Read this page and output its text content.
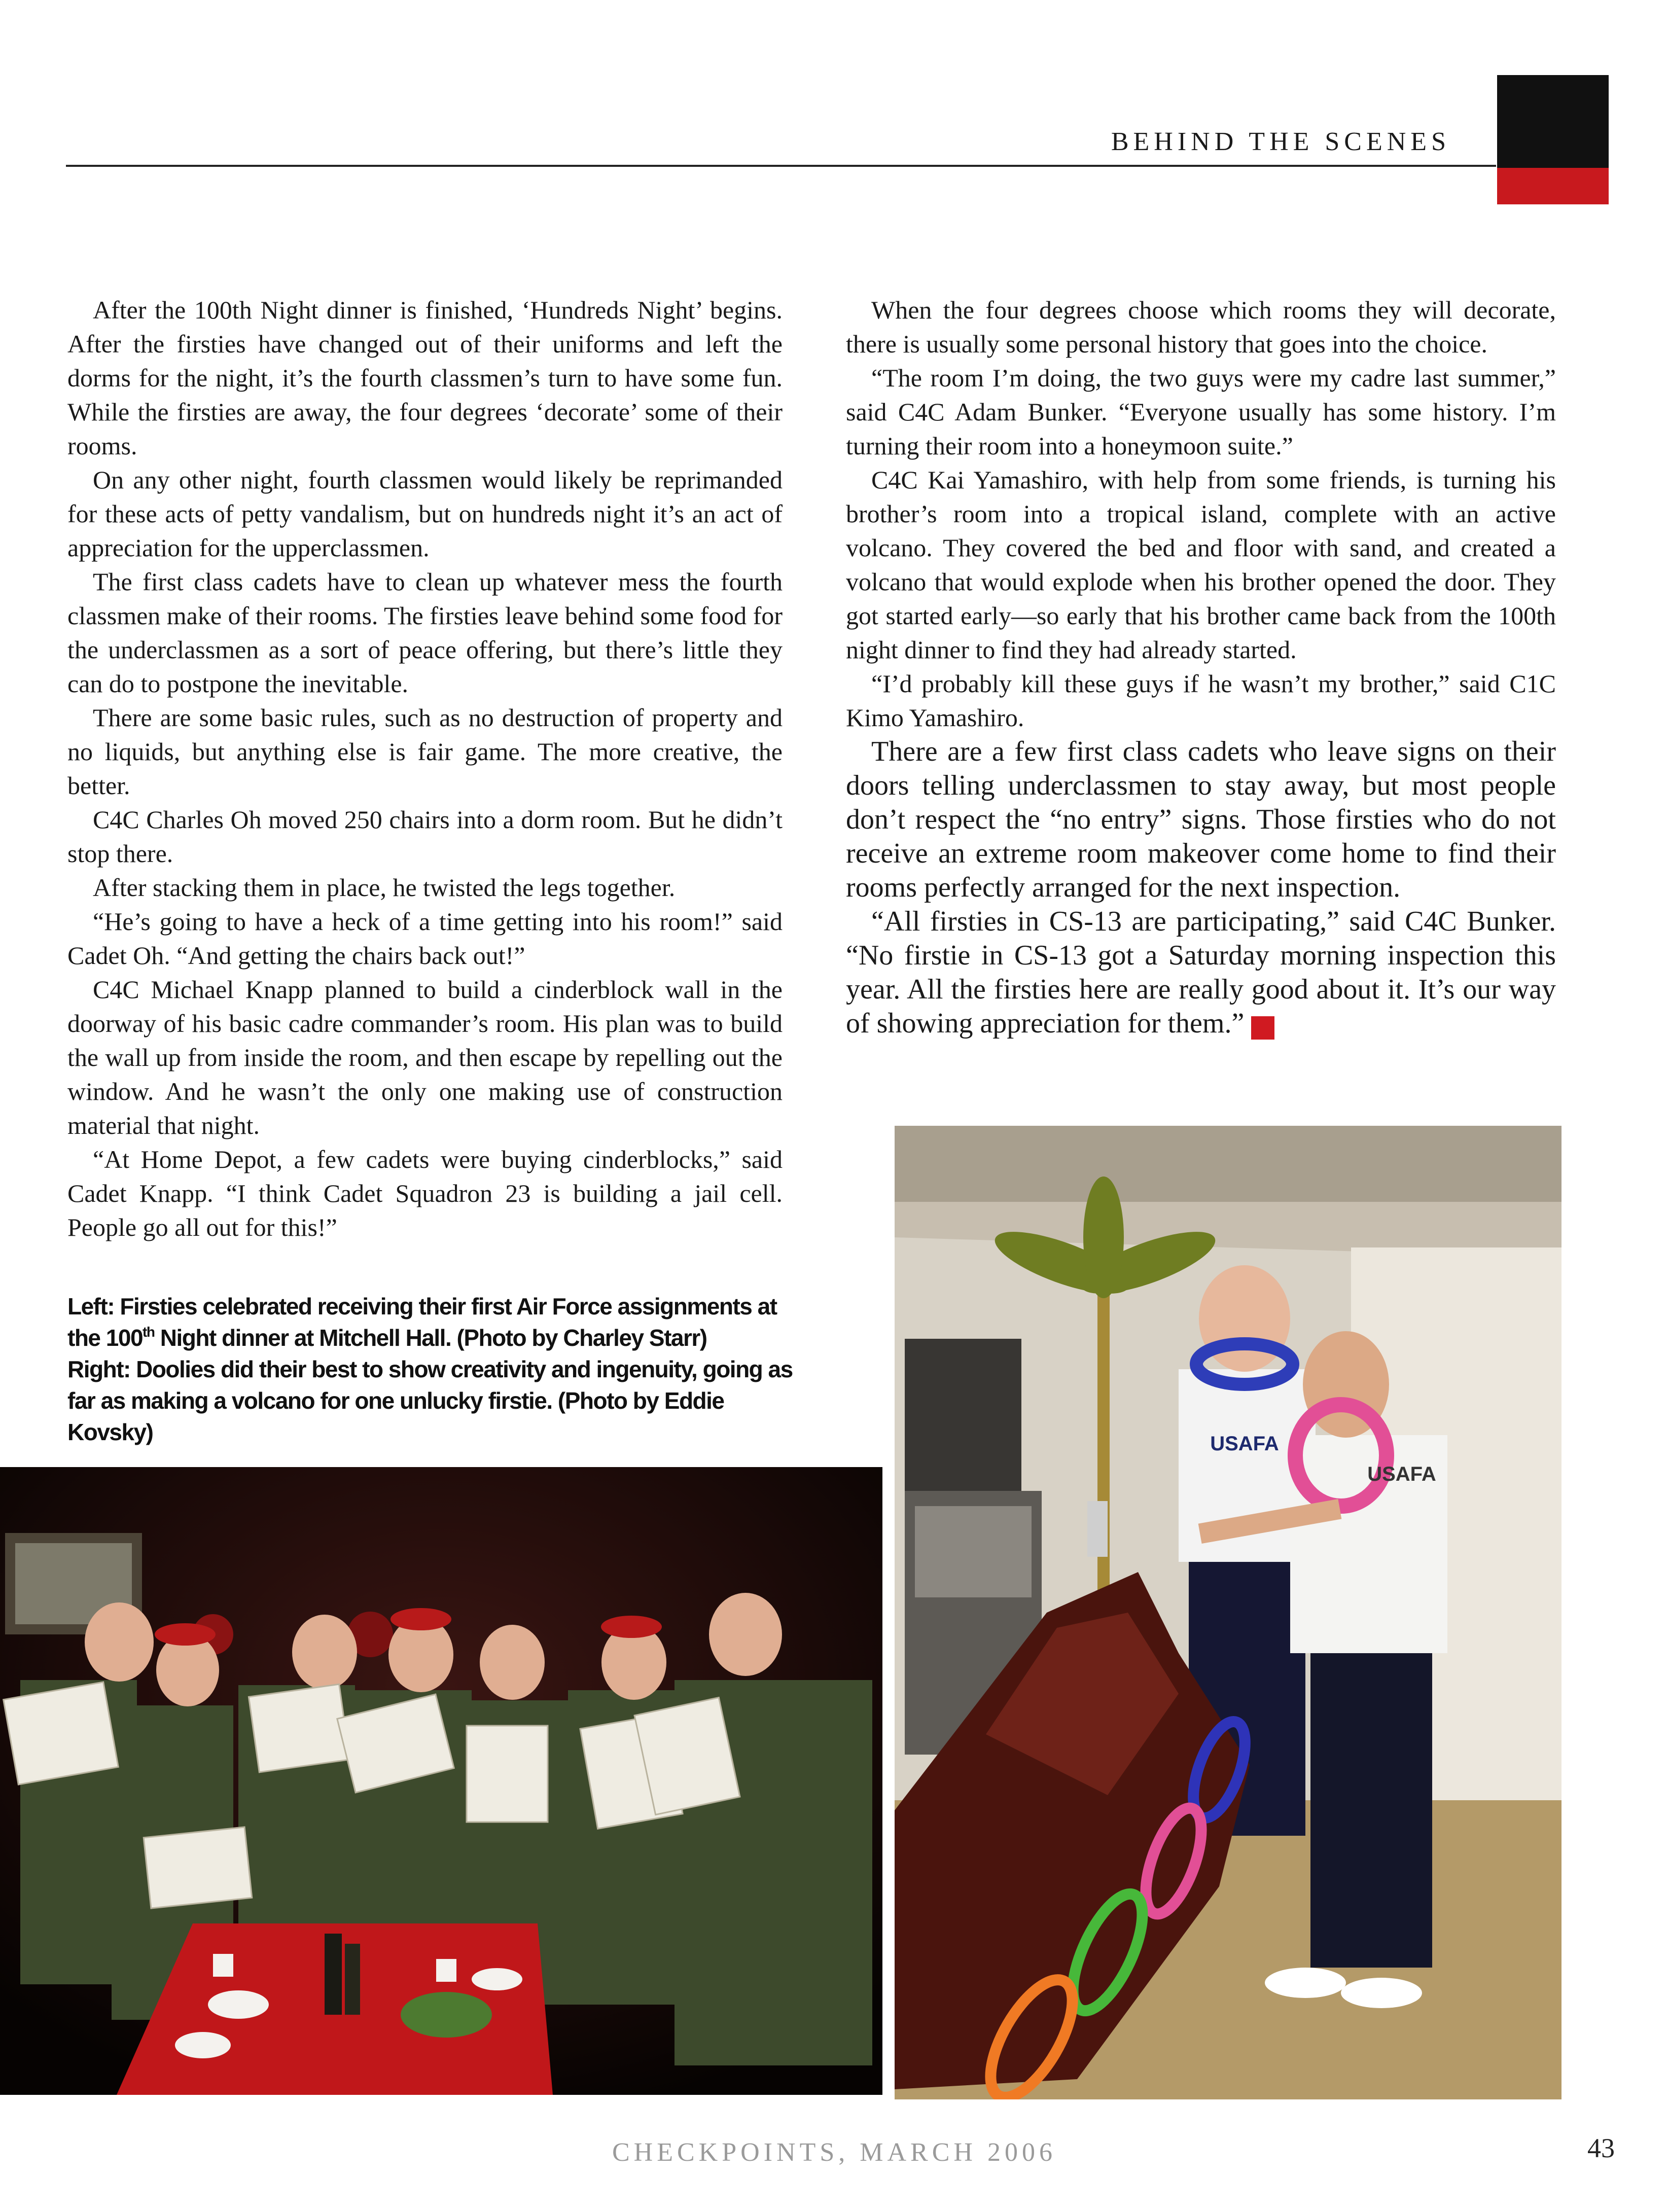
BEHIND THE SCENES

After the 100th Night dinner is finished, ‘Hundreds Night’ begins. After the firsties have changed out of their uniforms and left the dorms for the night, it’s the fourth classmen’s turn to have some fun. While the firsties are away, the four degrees ‘decorate’ some of their rooms.

On any other night, fourth classmen would likely be reprimanded for these acts of petty vandalism, but on hundreds night it’s an act of appreciation for the upperclassmen.

The first class cadets have to clean up whatever mess the fourth classmen make of their rooms. The firsties leave behind some food for the underclassmen as a sort of peace offering, but there’s little they can do to postpone the inevitable.

There are some basic rules, such as no destruction of property and no liquids, but anything else is fair game. The more creative, the better.

C4C Charles Oh moved 250 chairs into a dorm room. But he didn’t stop there.

After stacking them in place, he twisted the legs together.

“He’s going to have a heck of a time getting into his room!” said Cadet Oh. “And getting the chairs back out!”

C4C Michael Knapp planned to build a cinderblock wall in the doorway of his basic cadre commander’s room. His plan was to build the wall up from inside the room, and then escape by repelling out the window. And he wasn’t the only one making use of construction material that night.

“At Home Depot, a few cadets were buying cinderblocks,” said Cadet Knapp. “I think Cadet Squadron 23 is building a jail cell. People go all out for this!”

When the four degrees choose which rooms they will decorate, there is usually some personal history that goes into the choice.

“The room I’m doing, the two guys were my cadre last summer,” said C4C Adam Bunker. “Everyone usually has some history. I’m turning their room into a honeymoon suite.”

C4C Kai Yamashiro, with help from some friends, is turning his brother’s room into a tropical island, complete with an active volcano. They covered the bed and floor with sand, and created a volcano that would explode when his brother opened the door. They got started early—so early that his brother came back from the 100th night dinner to find they had already started.

“I’d probably kill these guys if he wasn’t my brother,” said C1C Kimo Yamashiro.

There are a few first class cadets who leave signs on their doors telling underclassmen to stay away, but most people don’t respect the “no entry” signs. Those firsties who do not receive an extreme room makeover come home to find their rooms perfectly arranged for the next inspection.

“All firsties in CS-13 are participating,” said C4C Bunker. “No firstie in CS-13 got a Saturday morning inspection this year. All the firsties here are really good about it. It’s our way of showing appreciation for them.” ✓

Left: Firsties celebrated receiving their first Air Force assignments at the 100th Night dinner at Mitchell Hall. (Photo by Charley Starr)

Right: Doolies did their best to show creativity and ingenuity, going as far as making a volcano for one unlucky firstie. (Photo by Eddie Kovsky)	USAFA
USAFA
CHECKPOINTS, MARCH 2006	43
